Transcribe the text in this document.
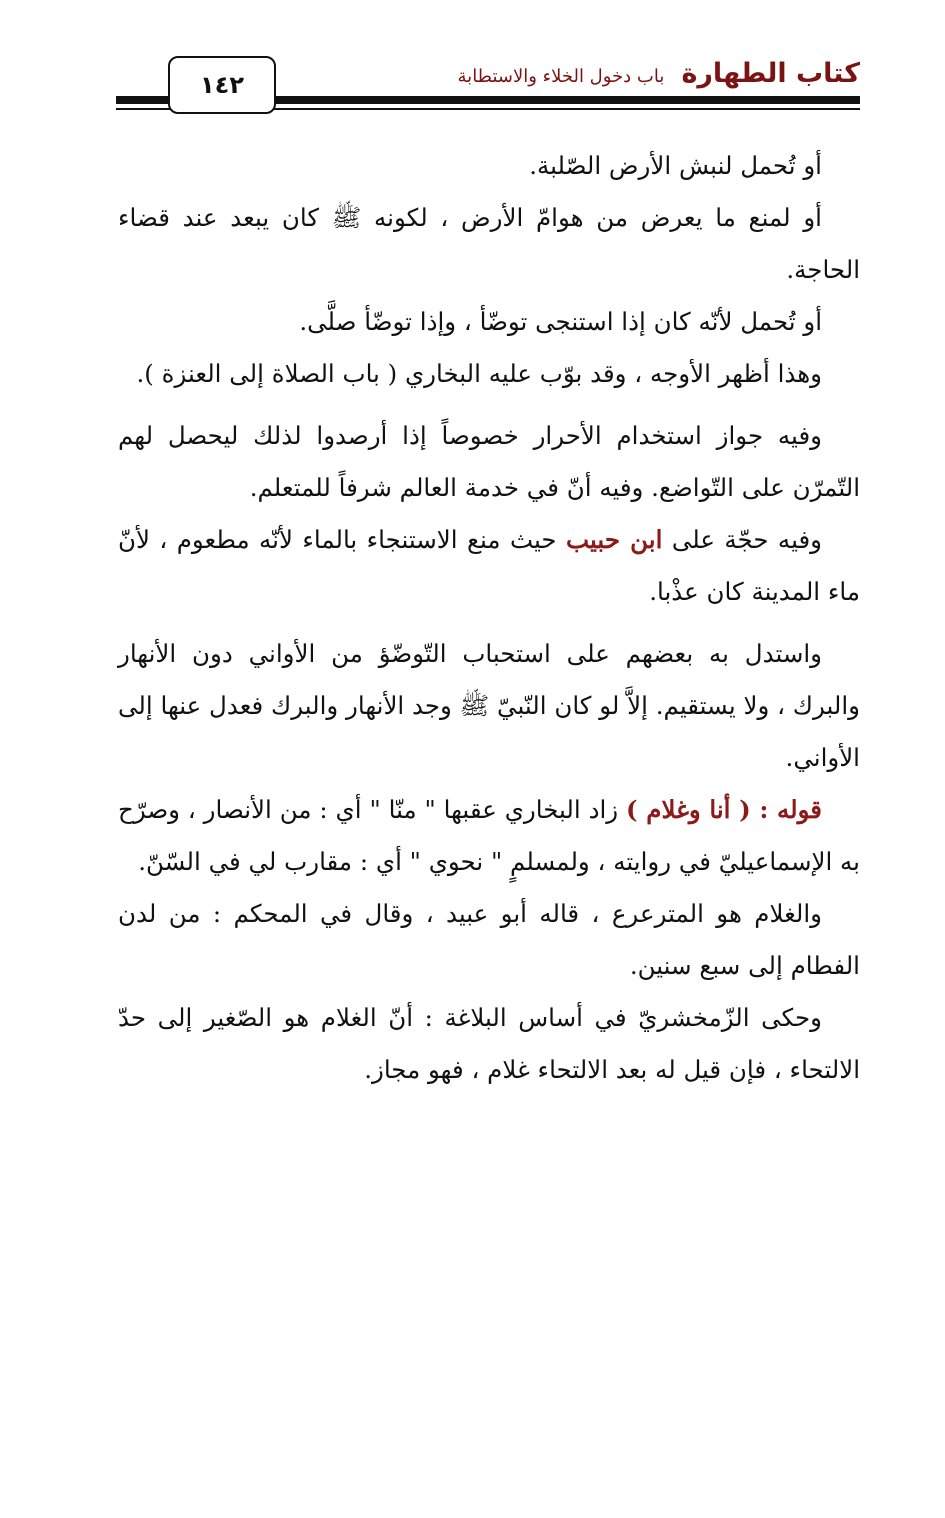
١٤٢	كتاب الطهارة باب دخول الخلاء والاستطابة

أو تُحمل لنبش الأرض الصّلبة.

أو لمنع ما يعرض من هوامّ الأرض ، لكونه ﷺ كان يبعد عند قضاء الحاجة.

أو تُحمل لأنّه كان إذا استنجى توضّأ ، وإذا توضّأ صلَّى.

وهذا أظهر الأوجه ، وقد بوّب عليه البخاري ( باب الصلاة إلى العنزة ).

وفيه جواز استخدام الأحرار خصوصاً إذا أرصدوا لذلك ليحصل لهم التّمرّن على التّواضع. وفيه أنّ في خدمة العالم شرفاً للمتعلم.

وفيه حجّة على ابن حبيب حيث منع الاستنجاء بالماء لأنّه مطعوم ، لأنّ ماء المدينة كان عذْبا.

واستدل به بعضهم على استحباب التّوضّؤ من الأواني دون الأنهار والبرك ، ولا يستقيم. إلاَّ لو كان النّبيّ ﷺ وجد الأنهار والبرك فعدل عنها إلى الأواني.

قوله : ( أنا وغلام ) زاد البخاري عقبها " منّا " أي : من الأنصار ، وصرّح به الإسماعيليّ في روايته ، ولمسلمٍ " نحوي " أي : مقارب لي في السّنّ.

والغلام هو المترعرع ، قاله أبو عبيد ، وقال في المحكم : من لدن الفطام إلى سبع سنين.

وحكى الزّمخشريّ في أساس البلاغة : أنّ الغلام هو الصّغير إلى حدّ الالتحاء ، فإن قيل له بعد الالتحاء غلام ، فهو مجاز.
